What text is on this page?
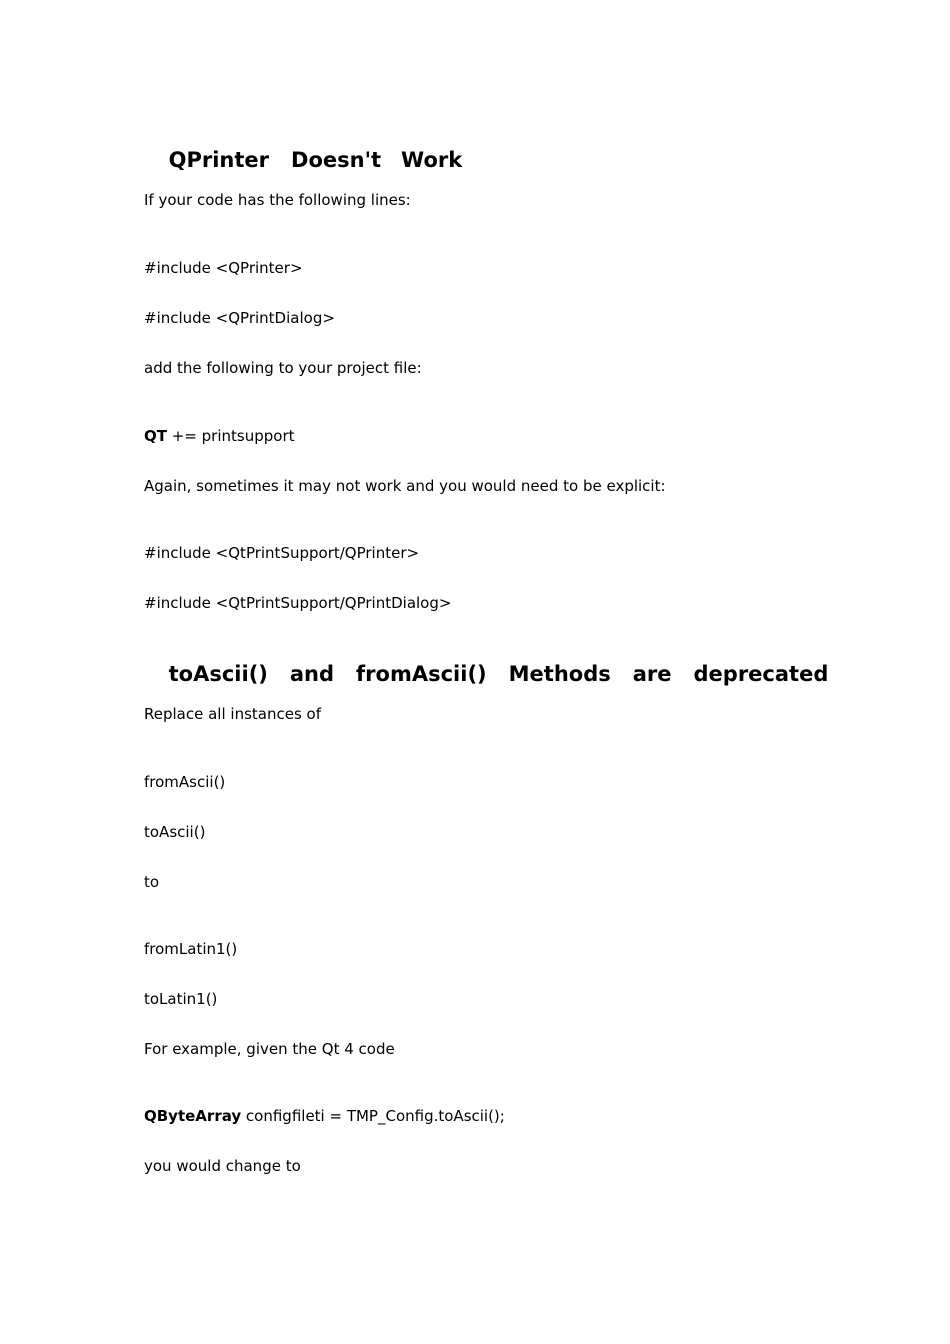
QPrinter Doesn't Work

If your code has the following lines:
#include <QPrinter>
#include <QPrintDialog>
add the following to your project file:
QT += printsupport
Again, sometimes it may not work and you would need to be explicit:
#include <QtPrintSupport/QPrinter>
#include <QtPrintSupport/QPrintDialog>

toAscii() and fromAscii() Methods are deprecated

Replace all instances of
fromAscii()
toAscii()
to
fromLatin1()
toLatin1()
For example, given the Qt 4 code
QByteArray configfileti = TMP_Config.toAscii();
you would change to
